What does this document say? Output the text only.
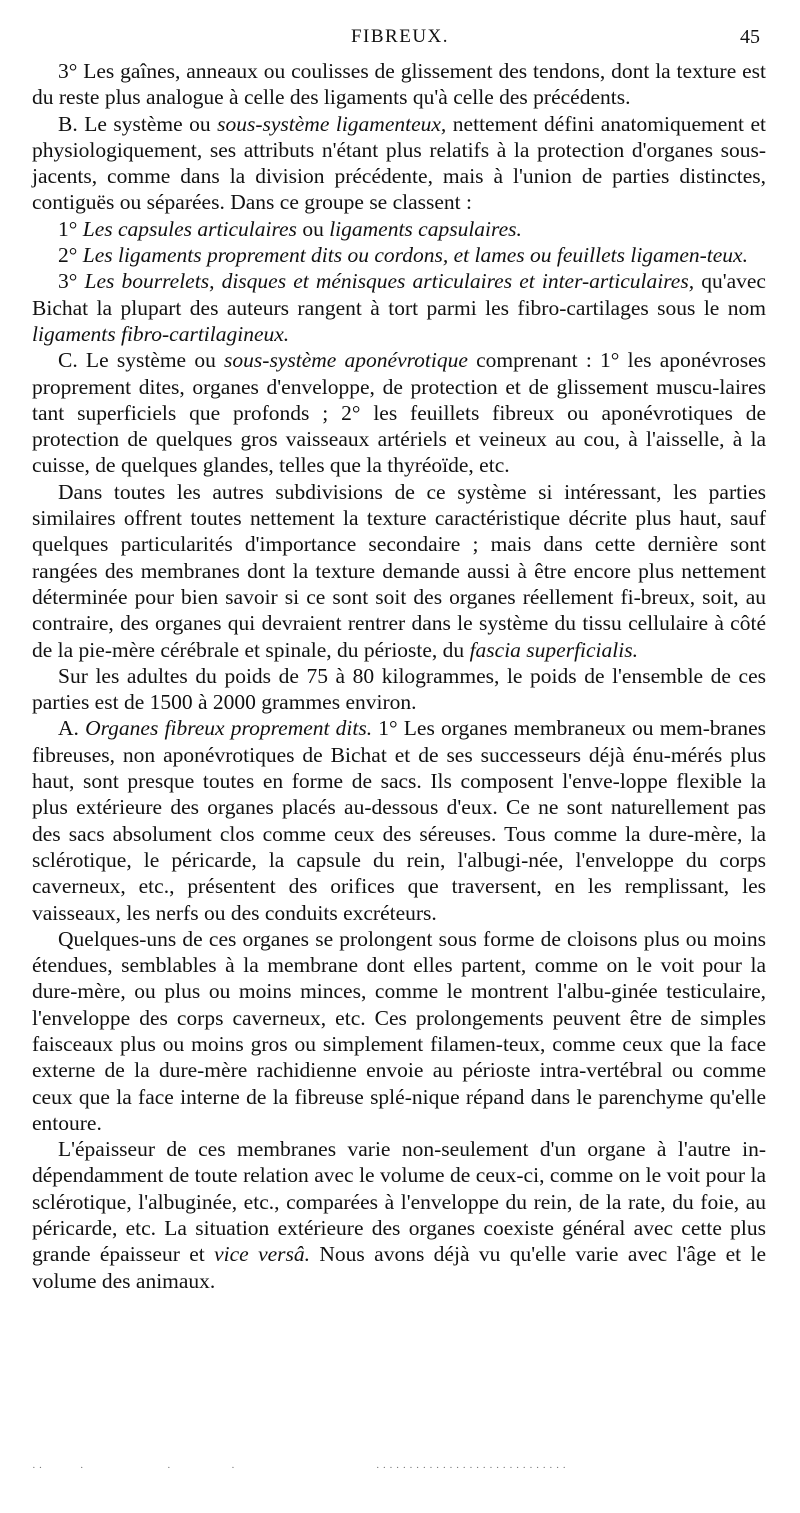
FIBREUX.	45

3° Les gaînes, anneaux ou coulisses de glissement des tendons, dont la texture est du reste plus analogue à celle des ligaments qu'à celle des précédents.

B. Le système ou sous-système ligamenteux, nettement défini anatomiquement et physiologiquement, ses attributs n'étant plus relatifs à la protection d'organes sous-jacents, comme dans la division précédente, mais à l'union de parties distinctes, contiguës ou séparées. Dans ce groupe se classent :

1° Les capsules articulaires ou ligaments capsulaires.

2° Les ligaments proprement dits ou cordons, et lames ou feuillets ligamen-teux.

3° Les bourrelets, disques et ménisques articulaires et inter-articulaires, qu'avec Bichat la plupart des auteurs rangent à tort parmi les fibro-cartilages sous le nom ligaments fibro-cartilagineux.

C. Le système ou sous-système aponévrotique comprenant : 1° les aponévroses proprement dites, organes d'enveloppe, de protection et de glissement muscu-laires tant superficiels que profonds ; 2° les feuillets fibreux ou aponévrotiques de protection de quelques gros vaisseaux artériels et veineux au cou, à l'aisselle, à la cuisse, de quelques glandes, telles que la thyréoïde, etc.

Dans toutes les autres subdivisions de ce système si intéressant, les parties similaires offrent toutes nettement la texture caractéristique décrite plus haut, sauf quelques particularités d'importance secondaire ; mais dans cette dernière sont rangées des membranes dont la texture demande aussi à être encore plus nettement déterminée pour bien savoir si ce sont soit des organes réellement fi-breux, soit, au contraire, des organes qui devraient rentrer dans le système du tissu cellulaire à côté de la pie-mère cérébrale et spinale, du périoste, du fascia superficialis.

Sur les adultes du poids de 75 à 80 kilogrammes, le poids de l'ensemble de ces parties est de 1500 à 2000 grammes environ.

A. Organes fibreux proprement dits. 1° Les organes membraneux ou mem-branes fibreuses, non aponévrotiques de Bichat et de ses successeurs déjà énu-mérés plus haut, sont presque toutes en forme de sacs. Ils composent l'enve-loppe flexible la plus extérieure des organes placés au-dessous d'eux. Ce ne sont naturellement pas des sacs absolument clos comme ceux des séreuses. Tous comme la dure-mère, la sclérotique, le péricarde, la capsule du rein, l'albugi-née, l'enveloppe du corps caverneux, etc., présentent des orifices que traversent, en les remplissant, les vaisseaux, les nerfs ou des conduits excréteurs.

Quelques-uns de ces organes se prolongent sous forme de cloisons plus ou moins étendues, semblables à la membrane dont elles partent, comme on le voit pour la dure-mère, ou plus ou moins minces, comme le montrent l'albu-ginée testiculaire, l'enveloppe des corps caverneux, etc. Ces prolongements peuvent être de simples faisceaux plus ou moins gros ou simplement filamen-teux, comme ceux que la face externe de la dure-mère rachidienne envoie au périoste intra-vertébral ou comme ceux que la face interne de la fibreuse splé-nique répand dans le parenchyme qu'elle entoure.

L'épaisseur de ces membranes varie non-seulement d'un organe à l'autre in-dépendamment de toute relation avec le volume de ceux-ci, comme on le voit pour la sclérotique, l'albuginée, etc., comparées à l'enveloppe du rein, de la rate, du foie, au péricarde, etc. La situation extérieure des organes coexiste général avec cette plus grande épaisseur et vice versâ. Nous avons déjà vu qu'elle varie avec l'âge et le volume des animaux.

··      ·              ·          ·                        ·····························
